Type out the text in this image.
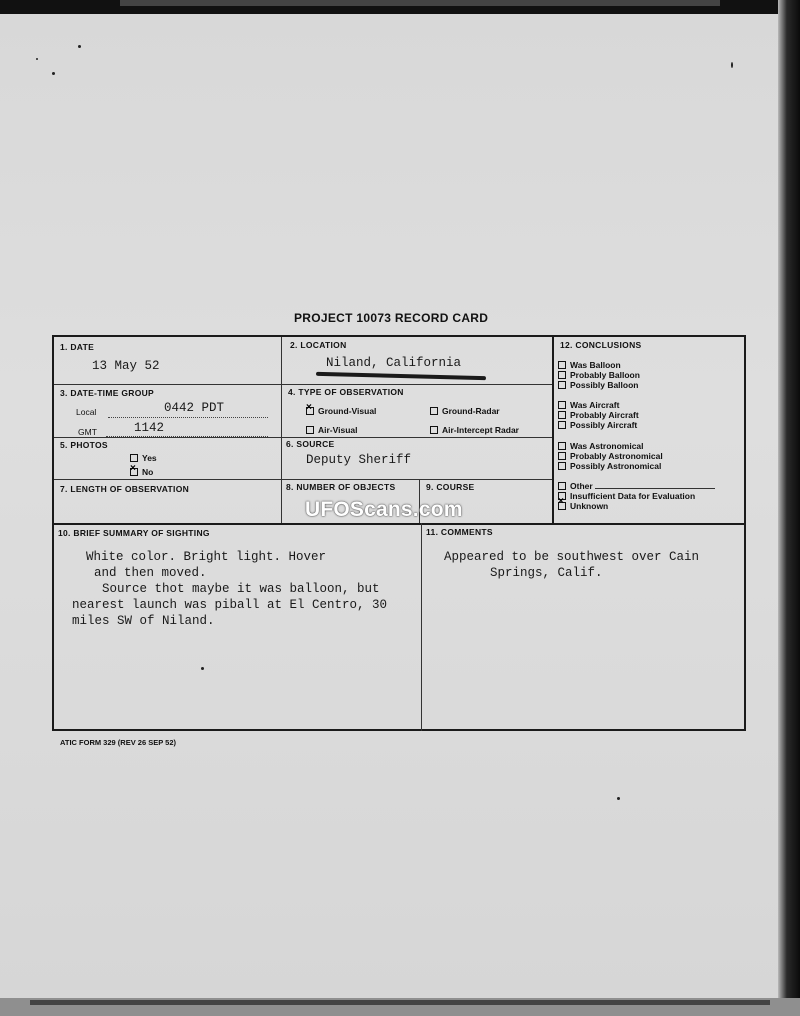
PROJECT 10073 RECORD CARD
1. DATE
13 May 52
2. LOCATION
Niland, California
3. DATE-TIME GROUP
Local	0442 PDT
GMT	1142
4. TYPE OF OBSERVATION
×Ground-Visual	Ground-Radar
Air-Visual	Air-Intercept Radar
5. PHOTOS
Yes
×No
6. SOURCE
Deputy Sheriff
7. LENGTH OF OBSERVATION	8. NUMBER OF OBJECTS	9. COURSE
10. BRIEF SUMMARY OF SIGHTING
White color. Bright light. Hover
and then moved.
Source thot maybe it was balloon, but
nearest launch was piball at El Centro, 30
miles SW of Niland.
11. COMMENTS
Appeared to be southwest over Cain
Springs, Calif.
12. CONCLUSIONS
Was Balloon
Probably Balloon
Possibly Balloon
Was Aircraft
Probably Aircraft
Possibly Aircraft
Was Astronomical
Probably Astronomical
Possibly Astronomical
Other
Insufficient Data for Evaluation
×Unknown
UFOScans.com
ATIC FORM 329 (REV 26 SEP 52)
